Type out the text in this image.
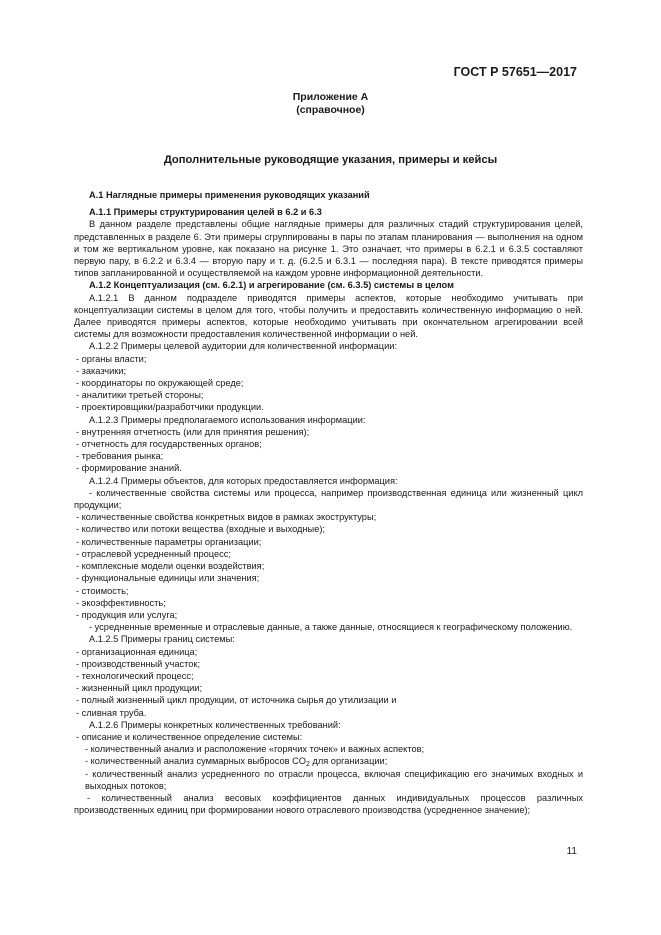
ГОСТ Р 57651—2017
Приложение А
(справочное)
Дополнительные руководящие указания, примеры и кейсы

А.1 Наглядные примеры применения руководящих указаний

А.1.1 Примеры структурирования целей в 6.2 и 6.3

В данном разделе представлены общие наглядные примеры для различных стадий структурирования целей, представленных в разделе 6. Эти примеры сгруппированы в пары по этапам планирования — выполнения на одном и том же вертикальном уровне, как показано на рисунке 1. Это означает, что примеры в 6.2.1 и 6.3.5 составляют первую пару, в 6.2.2 и 6.3.4 — вторую пару и т. д. (6.2.5 и 6.3.1 — последняя пара). В тексте приводятся примеры типов запланированной и осуществляемой на каждом уровне информационной деятельности.

А.1.2 Концептуализация (см. 6.2.1) и агрегирование (см. 6.3.5) системы в целом

А.1.2.1 В данном подразделе приводятся примеры аспектов, которые необходимо учитывать при концептуализации системы в целом для того, чтобы получить и предоставить количественную информацию о ней. Далее приводятся примеры аспектов, которые необходимо учитывать при окончательном агрегировании всей системы для возможности предоставления количественной информации о ней.

А.1.2.2 Примеры целевой аудитории для количественной информации:

- органы власти;

- заказчики;

- координаторы по окружающей среде;

- аналитики третьей стороны;

- проектировщики/разработчики продукции.

А.1.2.3 Примеры предполагаемого использования информации:

- внутренняя отчетность (или для принятия решения);

- отчетность для государственных органов;

- требования рынка;

- формирование знаний.

А.1.2.4 Примеры объектов, для которых предоставляется информация:

- количественные свойства системы или процесса, например производственная единица или жизненный цикл продукции;

- количественные свойства конкретных видов в рамках экоструктуры;

- количество или потоки вещества (входные и выходные);

- количественные параметры организации;

- отраслевой усредненный процесс;

- комплексные модели оценки воздействия;

- функциональные единицы или значения;

- стоимость;

- экоэффективность;

- продукция или услуга;

- усредненные временные и отраслевые данные, а также данные, относящиеся к географическому положению.

А.1.2.5 Примеры границ системы:

- организационная единица;

- производственный участок;

- технологический процесс;

- жизненный цикл продукции;

- полный жизненный цикл продукции, от источника сырья до утилизации и

- сливная труба.

А.1.2.6 Примеры конкретных количественных требований:

- описание и количественное определение системы:

- количественный анализ и расположение «горячих точек» и важных аспектов;

- количественный анализ суммарных выбросов $CO_2$ для организации;

- количественный анализ усредненного по отрасли процесса, включая спецификацию его значимых входных и выходных потоков;

- количественный анализ весовых коэффициентов данных индивидуальных процессов различных производственных единиц при формировании нового отраслевого производства (усредненное значение);

11
